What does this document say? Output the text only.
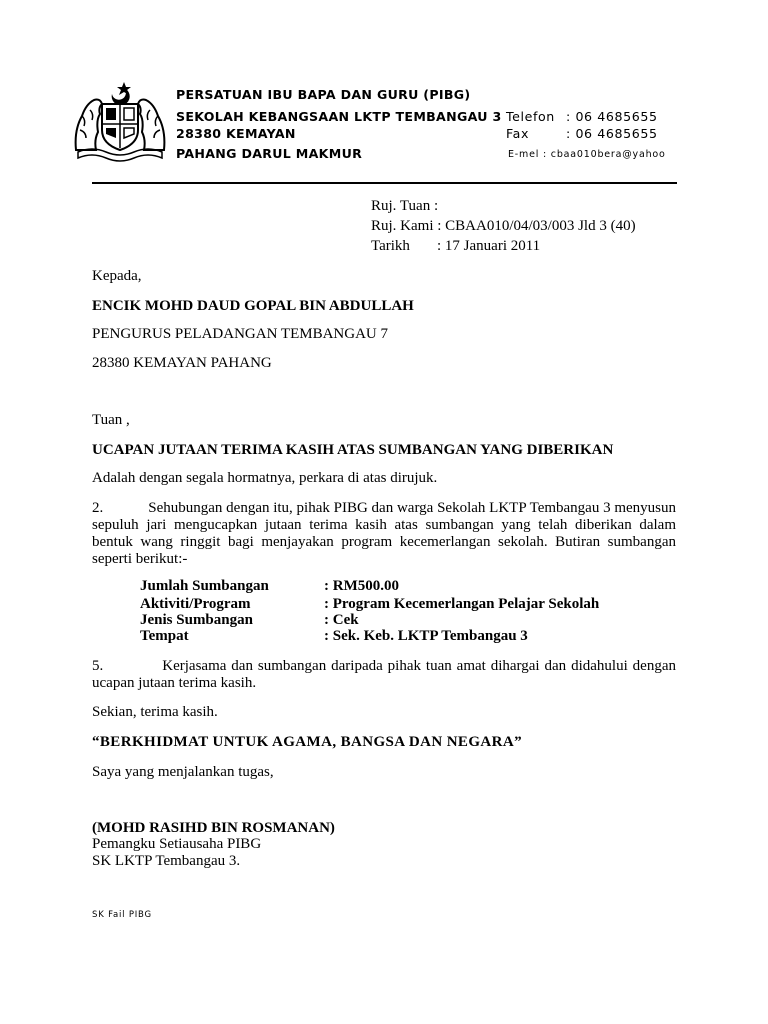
PERSATUAN IBU BAPA DAN GURU (PIBG)
SEKOLAH KEBANGSAAN LKTP TEMBANGAU 3
28380 KEMAYAN
PAHANG DARUL MAKMUR
Telefon : 06 4685655
Fax	: 06 4685655
E-mel : cbaa010bera@yahoo
Ruj. Tuan :
Ruj. Kami : CBAA010/04/03/003 Jld 3 (40)
Tarikh : 17 Januari 2011
Kepada,
ENCIK MOHD DAUD GOPAL BIN ABDULLAH
PENGURUS PELADANGAN TEMBANGAU 7
28380 KEMAYAN PAHANG
Tuan ,
UCAPAN JUTAAN TERIMA KASIH ATAS SUMBANGAN YANG DIBERIKAN
Adalah dengan segala hormatnya, perkara di atas dirujuk.
2.            Sehubungan dengan itu, pihak PIBG dan warga Sekolah LKTP Tembangau 3 menyusun sepuluh jari mengucapkan jutaan terima kasih atas sumbangan yang telah diberikan dalam bentuk wang ringgit bagi menjayakan program kecemerlangan sekolah. Butiran sumbangan seperti berikut:-
Jumlah Sumbangan	: RM500.00
Aktiviti/Program	: Program Kecemerlangan Pelajar Sekolah
Jenis Sumbangan	: Cek
Tempat	: Sek. Keb. LKTP Tembangau 3
5.            Kerjasama dan sumbangan daripada pihak tuan amat dihargai dan didahului dengan ucapan jutaan terima kasih.
Sekian, terima kasih.
“BERKHIDMAT UNTUK AGAMA, BANGSA DAN NEGARA”
Saya yang menjalankan tugas,
(MOHD RASIHD BIN ROSMANAN)
Pemangku Setiausaha PIBG
SK LKTP Tembangau 3.
SK Fail PIBG
